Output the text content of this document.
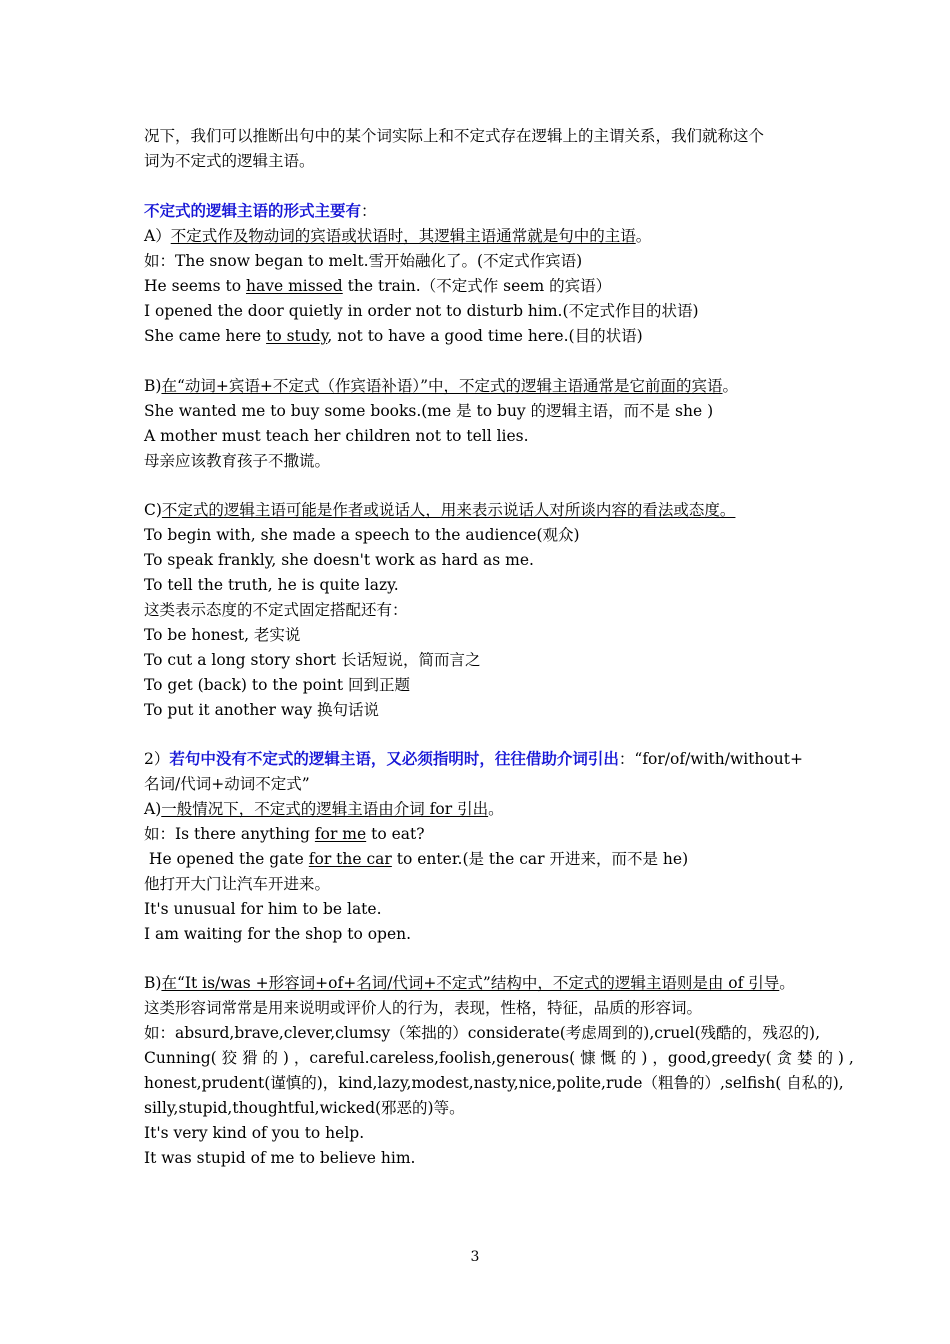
况下，我们可以推断出句中的某个词实际上和不定式存在逻辑上的主谓关系，我们就称这个
词为不定式的逻辑主语。
不定式的逻辑主语的形式主要有：
A）不定式作及物动词的宾语或状语时，其逻辑主语通常就是句中的主语。
如：The snow began to melt.雪开始融化了。(不定式作宾语)
He seems to have missed the train.（不定式作 seem 的宾语）
I opened the door quietly in order not to disturb him.(不定式作目的状语)
She came here to study, not to have a good time here.(目的状语)
B)在“动词+宾语+不定式（作宾语补语）”中，不定式的逻辑主语通常是它前面的宾语。
She wanted me to buy some books.(me 是 to buy 的逻辑主语，而不是 she )
A mother must teach her children not to tell lies.
母亲应该教育孩子不撒谎。
C)不定式的逻辑主语可能是作者或说话人，用来表示说话人对所谈内容的看法或态度。
To begin with, she made a speech to the audience(观众)
To speak frankly, she doesn't work as hard as me.
To tell the truth, he is quite lazy.
这类表示态度的不定式固定搭配还有：
To be honest, 老实说
To cut a long story short 长话短说，简而言之
To get (back) to the point 回到正题
To put it another way 换句话说
2）若句中没有不定式的逻辑主语，又必须指明时，往往借助介词引出：“for/of/with/without+
名词/代词+动词不定式”
A)一般情况下，不定式的逻辑主语由介词 for 引出。
如：Is there anything for me to eat?
He opened the gate for the car to enter.(是 the car 开进来，而不是 he)
他打开大门让汽车开进来。
It's unusual for him to be late.
I am waiting for the shop to open.
B)在“It is/was +形容词+of+名词/代词+不定式”结构中，不定式的逻辑主语则是由 of 引导。
这类形容词常常是用来说明或评价人的行为，表现，性格，特征，品质的形容词。
如：absurd,brave,clever,clumsy（笨拙的）considerate(考虑周到的),cruel(残酷的，残忍的),
Cunning( 狡 猾 的 ) ， careful.careless,foolish,generous( 慷 慨 的 ) ， good,greedy( 贪 婪 的 ) ,
honest,prudent(谨慎的)， kind,lazy,modest,nasty,nice,polite,rude（粗鲁的）,selfish( 自私的),
silly,stupid,thoughtful,wicked(邪恶的)等。
It's very kind of you to help.
It was stupid of me to believe him.
3
